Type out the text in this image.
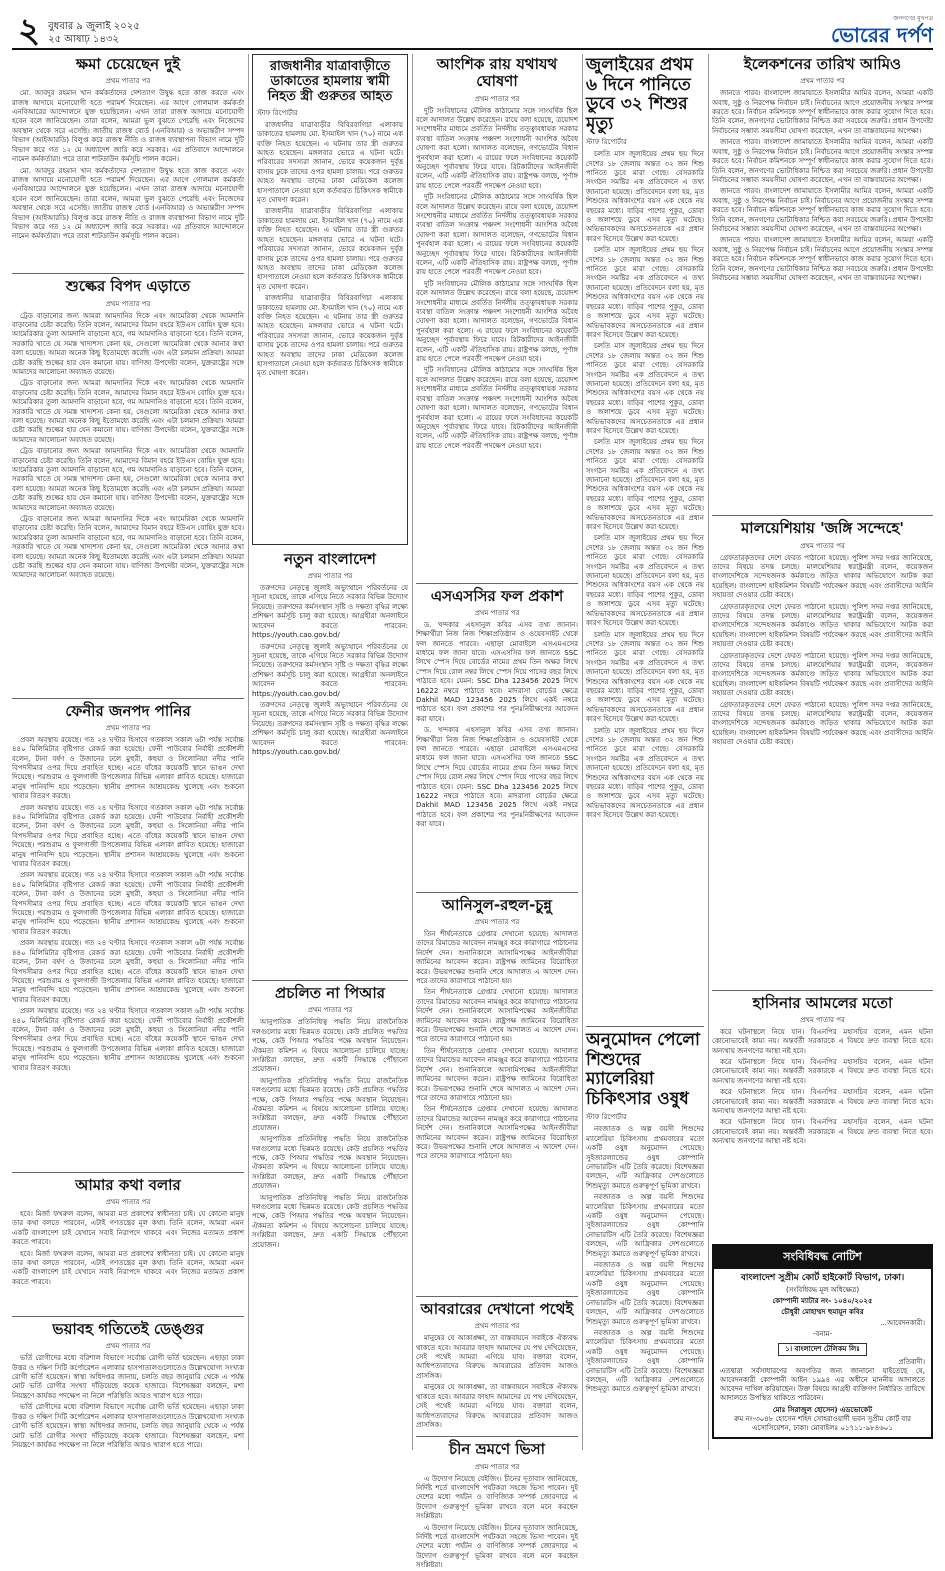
২ বুধবার ৯ জুলাই ২০২৫
২৫ আষাঢ় ১৪৩২
জনগণের মুখপত্র
ভোরের দর্পণ
ক্ষমা চেয়েছেন দুই
প্রথম পাতার পর

মো. আবদুর রহমান খান কর্মকর্তাদের দেশত্যাগ উদ্বুদ্ধ হতে কাজ করতে এবং রাজস্ব আদায়ে মনোযোগী হতে পরামর্শ দিয়েছেন। এর আগে গোলমাল কর্মকর্তা এনবিআরের আন্দোলনে যুক্ত হয়েছিলেন। এখন তারা রাজস্ব আদায়ে মনোযোগী হবেন বলে জানিয়েছেন। তারা বলেন, আমরা ভুল বুঝতে পেরেছি এবং নিজেদের অবস্থান থেকে সরে এসেছি। জাতীয় রাজস্ব বোর্ড (এনবিআর) ও অভ্যন্তরীণ সম্পদ বিভাগ (আইআরডি) বিলুপ্ত করে রাজস্ব নীতি ও রাজস্ব ব্যবস্থাপনা বিভাগ নামে দুটি বিভাগ করে গত ১২ মে অধ্যাদেশ জারি করে সরকার। এর প্রতিবাদে আন্দোলনে নামেন কর্মকর্তারা। পরে তারা শাটডাউন কর্মসূচি পালন করেন।

মো. আবদুর রহমান খান কর্মকর্তাদের দেশত্যাগ উদ্বুদ্ধ হতে কাজ করতে এবং রাজস্ব আদায়ে মনোযোগী হতে পরামর্শ দিয়েছেন। এর আগে গোলমাল কর্মকর্তা এনবিআরের আন্দোলনে যুক্ত হয়েছিলেন। এখন তারা রাজস্ব আদায়ে মনোযোগী হবেন বলে জানিয়েছেন। তারা বলেন, আমরা ভুল বুঝতে পেরেছি এবং নিজেদের অবস্থান থেকে সরে এসেছি। জাতীয় রাজস্ব বোর্ড (এনবিআর) ও অভ্যন্তরীণ সম্পদ বিভাগ (আইআরডি) বিলুপ্ত করে রাজস্ব নীতি ও রাজস্ব ব্যবস্থাপনা বিভাগ নামে দুটি বিভাগ করে গত ১২ মে অধ্যাদেশ জারি করে সরকার। এর প্রতিবাদে আন্দোলনে নামেন কর্মকর্তারা। পরে তারা শাটডাউন কর্মসূচি পালন করেন।

শুল্কের বিপদ এড়াতে
প্রথম পাতার পর

ট্রেড বাড়ানোর জন্য আমরা আমদানির দিকে এবং আমেরিকা থেকে আমদানি বাড়ানোর চেষ্টা করেছি। তিনি বলেন, আমাদের বিমান বহরে ইউএস বোয়িং যুক্ত হবে। আমেরিকার তুলা আমদানি বাড়ানো হবে, গম আমদানিও বাড়ানো হবে। তিনি বলেন, সরকারি খাতে যে সমস্ত খাদ্যশস্য কেনা হয়, সেগুলো আমেরিকা থেকে আনার কথা বলা হয়েছে। আমরা অনেক কিছু ইতোমধ্যে করেছি এবং এটা চলমান প্রক্রিয়া। আমরা চেষ্টা করছি শুল্কের হার যেন কমানো যায়। বাণিজ্য উপদেষ্টা বলেন, যুক্তরাষ্ট্রের সঙ্গে আমাদের আলোচনা অব্যাহত রয়েছে।

ট্রেড বাড়ানোর জন্য আমরা আমদানির দিকে এবং আমেরিকা থেকে আমদানি বাড়ানোর চেষ্টা করেছি। তিনি বলেন, আমাদের বিমান বহরে ইউএস বোয়িং যুক্ত হবে। আমেরিকার তুলা আমদানি বাড়ানো হবে, গম আমদানিও বাড়ানো হবে। তিনি বলেন, সরকারি খাতে যে সমস্ত খাদ্যশস্য কেনা হয়, সেগুলো আমেরিকা থেকে আনার কথা বলা হয়েছে। আমরা অনেক কিছু ইতোমধ্যে করেছি এবং এটা চলমান প্রক্রিয়া। আমরা চেষ্টা করছি শুল্কের হার যেন কমানো যায়। বাণিজ্য উপদেষ্টা বলেন, যুক্তরাষ্ট্রের সঙ্গে আমাদের আলোচনা অব্যাহত রয়েছে।

ট্রেড বাড়ানোর জন্য আমরা আমদানির দিকে এবং আমেরিকা থেকে আমদানি বাড়ানোর চেষ্টা করেছি। তিনি বলেন, আমাদের বিমান বহরে ইউএস বোয়িং যুক্ত হবে। আমেরিকার তুলা আমদানি বাড়ানো হবে, গম আমদানিও বাড়ানো হবে। তিনি বলেন, সরকারি খাতে যে সমস্ত খাদ্যশস্য কেনা হয়, সেগুলো আমেরিকা থেকে আনার কথা বলা হয়েছে। আমরা অনেক কিছু ইতোমধ্যে করেছি এবং এটা চলমান প্রক্রিয়া। আমরা চেষ্টা করছি শুল্কের হার যেন কমানো যায়। বাণিজ্য উপদেষ্টা বলেন, যুক্তরাষ্ট্রের সঙ্গে আমাদের আলোচনা অব্যাহত রয়েছে।

ট্রেড বাড়ানোর জন্য আমরা আমদানির দিকে এবং আমেরিকা থেকে আমদানি বাড়ানোর চেষ্টা করেছি। তিনি বলেন, আমাদের বিমান বহরে ইউএস বোয়িং যুক্ত হবে। আমেরিকার তুলা আমদানি বাড়ানো হবে, গম আমদানিও বাড়ানো হবে। তিনি বলেন, সরকারি খাতে যে সমস্ত খাদ্যশস্য কেনা হয়, সেগুলো আমেরিকা থেকে আনার কথা বলা হয়েছে। আমরা অনেক কিছু ইতোমধ্যে করেছি এবং এটা চলমান প্রক্রিয়া। আমরা চেষ্টা করছি শুল্কের হার যেন কমানো যায়। বাণিজ্য উপদেষ্টা বলেন, যুক্তরাষ্ট্রের সঙ্গে আমাদের আলোচনা অব্যাহত রয়েছে।

ফেনীর জনপদ পানির
প্রথম পাতার পর

প্রবল অবস্থায় রয়েছে। গত ২৪ ঘণ্টার হিসাবে গতকাল সকাল ৬টা পর্যন্ত সর্বোচ্চ ৪৪০ মিলিমিটার বৃষ্টিপাত রেকর্ড করা হয়েছে। ফেনী পাউবোর নির্বাহী প্রকৌশলী বলেন, টানা বর্ষণ ও উজানের ঢলে মুহুরী, কহুয়া ও সিলোনিয়া নদীর পানি বিপদসীমার ওপর দিয়ে প্রবাহিত হচ্ছে। এতে বাঁধের কয়েকটি স্থানে ভাঙন দেখা দিয়েছে। পরশুরাম ও ফুলগাজী উপজেলার বিভিন্ন এলাকা প্লাবিত হয়েছে। হাজারো মানুষ পানিবন্দি হয়ে পড়েছেন। স্থানীয় প্রশাসন আশ্রয়কেন্দ্র খুলেছে এবং শুকনো খাবার বিতরণ করছে।

প্রবল অবস্থায় রয়েছে। গত ২৪ ঘণ্টার হিসাবে গতকাল সকাল ৬টা পর্যন্ত সর্বোচ্চ ৪৪০ মিলিমিটার বৃষ্টিপাত রেকর্ড করা হয়েছে। ফেনী পাউবোর নির্বাহী প্রকৌশলী বলেন, টানা বর্ষণ ও উজানের ঢলে মুহুরী, কহুয়া ও সিলোনিয়া নদীর পানি বিপদসীমার ওপর দিয়ে প্রবাহিত হচ্ছে। এতে বাঁধের কয়েকটি স্থানে ভাঙন দেখা দিয়েছে। পরশুরাম ও ফুলগাজী উপজেলার বিভিন্ন এলাকা প্লাবিত হয়েছে। হাজারো মানুষ পানিবন্দি হয়ে পড়েছেন। স্থানীয় প্রশাসন আশ্রয়কেন্দ্র খুলেছে এবং শুকনো খাবার বিতরণ করছে।

প্রবল অবস্থায় রয়েছে। গত ২৪ ঘণ্টার হিসাবে গতকাল সকাল ৬টা পর্যন্ত সর্বোচ্চ ৪৪০ মিলিমিটার বৃষ্টিপাত রেকর্ড করা হয়েছে। ফেনী পাউবোর নির্বাহী প্রকৌশলী বলেন, টানা বর্ষণ ও উজানের ঢলে মুহুরী, কহুয়া ও সিলোনিয়া নদীর পানি বিপদসীমার ওপর দিয়ে প্রবাহিত হচ্ছে। এতে বাঁধের কয়েকটি স্থানে ভাঙন দেখা দিয়েছে। পরশুরাম ও ফুলগাজী উপজেলার বিভিন্ন এলাকা প্লাবিত হয়েছে। হাজারো মানুষ পানিবন্দি হয়ে পড়েছেন। স্থানীয় প্রশাসন আশ্রয়কেন্দ্র খুলেছে এবং শুকনো খাবার বিতরণ করছে।

প্রবল অবস্থায় রয়েছে। গত ২৪ ঘণ্টার হিসাবে গতকাল সকাল ৬টা পর্যন্ত সর্বোচ্চ ৪৪০ মিলিমিটার বৃষ্টিপাত রেকর্ড করা হয়েছে। ফেনী পাউবোর নির্বাহী প্রকৌশলী বলেন, টানা বর্ষণ ও উজানের ঢলে মুহুরী, কহুয়া ও সিলোনিয়া নদীর পানি বিপদসীমার ওপর দিয়ে প্রবাহিত হচ্ছে। এতে বাঁধের কয়েকটি স্থানে ভাঙন দেখা দিয়েছে। পরশুরাম ও ফুলগাজী উপজেলার বিভিন্ন এলাকা প্লাবিত হয়েছে। হাজারো মানুষ পানিবন্দি হয়ে পড়েছেন। স্থানীয় প্রশাসন আশ্রয়কেন্দ্র খুলেছে এবং শুকনো খাবার বিতরণ করছে।

প্রবল অবস্থায় রয়েছে। গত ২৪ ঘণ্টার হিসাবে গতকাল সকাল ৬টা পর্যন্ত সর্বোচ্চ ৪৪০ মিলিমিটার বৃষ্টিপাত রেকর্ড করা হয়েছে। ফেনী পাউবোর নির্বাহী প্রকৌশলী বলেন, টানা বর্ষণ ও উজানের ঢলে মুহুরী, কহুয়া ও সিলোনিয়া নদীর পানি বিপদসীমার ওপর দিয়ে প্রবাহিত হচ্ছে। এতে বাঁধের কয়েকটি স্থানে ভাঙন দেখা দিয়েছে। পরশুরাম ও ফুলগাজী উপজেলার বিভিন্ন এলাকা প্লাবিত হয়েছে। হাজারো মানুষ পানিবন্দি হয়ে পড়েছেন। স্থানীয় প্রশাসন আশ্রয়কেন্দ্র খুলেছে এবং শুকনো খাবার বিতরণ করছে।

আমার কথা বলার
প্রথম পাতার পর

হবে। মির্জা ফখরুল বলেন, আমরা মত প্রকাশের স্বাধীনতা চাই। যে কোনো মানুষ তার কথা বলতে পারবেন, এটাই গণতন্ত্রের মূল কথা। তিনি বলেন, আমরা এমন একটি বাংলাদেশ চাই যেখানে সবাই নিরাপদে থাকবে এবং নিজের মতামত প্রকাশ করতে পারবে।

হবে। মির্জা ফখরুল বলেন, আমরা মত প্রকাশের স্বাধীনতা চাই। যে কোনো মানুষ তার কথা বলতে পারবেন, এটাই গণতন্ত্রের মূল কথা। তিনি বলেন, আমরা এমন একটি বাংলাদেশ চাই যেখানে সবাই নিরাপদে থাকবে এবং নিজের মতামত প্রকাশ করতে পারবে।

ভয়াবহ গতিতেই ডেঙ্গুর
প্রথম পাতার পর

ভর্তি রোগীদের মধ্যে বরিশাল বিভাগে সর্বোচ্চ রোগী ভর্তি হয়েছেন। এছাড়া ঢাকা উত্তর ও দক্ষিণ সিটি কর্পোরেশন এলাকার হাসপাতালগুলোতেও উল্লেখযোগ্য সংখ্যক রোগী ভর্তি হয়েছেন। স্বাস্থ্য অধিদপ্তর জানায়, চলতি বছর জানুয়ারি থেকে এ পর্যন্ত মোট ভর্তি রোগীর সংখ্যা দাঁড়িয়েছে কয়েক হাজারে। বিশেষজ্ঞরা বলছেন, মশা নিয়ন্ত্রণে কার্যকর পদক্ষেপ না নিলে পরিস্থিতি আরও খারাপ হতে পারে।

ভর্তি রোগীদের মধ্যে বরিশাল বিভাগে সর্বোচ্চ রোগী ভর্তি হয়েছেন। এছাড়া ঢাকা উত্তর ও দক্ষিণ সিটি কর্পোরেশন এলাকার হাসপাতালগুলোতেও উল্লেখযোগ্য সংখ্যক রোগী ভর্তি হয়েছেন। স্বাস্থ্য অধিদপ্তর জানায়, চলতি বছর জানুয়ারি থেকে এ পর্যন্ত মোট ভর্তি রোগীর সংখ্যা দাঁড়িয়েছে কয়েক হাজারে। বিশেষজ্ঞরা বলছেন, মশা নিয়ন্ত্রণে কার্যকর পদক্ষেপ না নিলে পরিস্থিতি আরও খারাপ হতে পারে।

রাজধানীর যাত্রাবাড়ীতে ডাকাতের হামলায় স্বামী নিহত স্ত্রী গুরুতর আহত
স্টাফ রিপোর্টার

রাজধানীর যাত্রাবাড়ীর বিবিরবাগিচা এলাকায় ডাকাতের হামলায় মো. ইসমাইল খান (৭০) নামে এক ব্যক্তি নিহত হয়েছেন। এ ঘটনায় তার স্ত্রী গুরুতর আহত হয়েছেন। মঙ্গলবার ভোরে এ ঘটনা ঘটে। পরিবারের সদস্যরা জানান, ভোরে কয়েকজন দুর্বৃত্ত বাসায় ঢুকে তাদের ওপর হামলা চালায়। পরে গুরুতর আহত অবস্থায় তাদের ঢাকা মেডিকেল কলেজ হাসপাতালে নেওয়া হলে কর্তব্যরত চিকিৎসক স্বামীকে মৃত ঘোষণা করেন।

রাজধানীর যাত্রাবাড়ীর বিবিরবাগিচা এলাকায় ডাকাতের হামলায় মো. ইসমাইল খান (৭০) নামে এক ব্যক্তি নিহত হয়েছেন। এ ঘটনায় তার স্ত্রী গুরুতর আহত হয়েছেন। মঙ্গলবার ভোরে এ ঘটনা ঘটে। পরিবারের সদস্যরা জানান, ভোরে কয়েকজন দুর্বৃত্ত বাসায় ঢুকে তাদের ওপর হামলা চালায়। পরে গুরুতর আহত অবস্থায় তাদের ঢাকা মেডিকেল কলেজ হাসপাতালে নেওয়া হলে কর্তব্যরত চিকিৎসক স্বামীকে মৃত ঘোষণা করেন।

রাজধানীর যাত্রাবাড়ীর বিবিরবাগিচা এলাকায় ডাকাতের হামলায় মো. ইসমাইল খান (৭০) নামে এক ব্যক্তি নিহত হয়েছেন। এ ঘটনায় তার স্ত্রী গুরুতর আহত হয়েছেন। মঙ্গলবার ভোরে এ ঘটনা ঘটে। পরিবারের সদস্যরা জানান, ভোরে কয়েকজন দুর্বৃত্ত বাসায় ঢুকে তাদের ওপর হামলা চালায়। পরে গুরুতর আহত অবস্থায় তাদের ঢাকা মেডিকেল কলেজ হাসপাতালে নেওয়া হলে কর্তব্যরত চিকিৎসক স্বামীকে মৃত ঘোষণা করেন।

নতুন বাংলাদেশ
প্রথম পাতার পর

তরুণদের নেতৃত্বে জুলাই অভ্যুত্থানে পরিবর্তনের যে সূচনা হয়েছে, তাকে এগিয়ে নিতে সরকার বিভিন্ন উদ্যোগ নিয়েছে। তরুণদের কর্মসংস্থান সৃষ্টি ও দক্ষতা বৃদ্ধির লক্ষ্যে প্রশিক্ষণ কর্মসূচি চালু করা হয়েছে। আগ্রহীরা অনলাইনে আবেদন করতে পারবেন: https://youth.cao.gov.bd/

তরুণদের নেতৃত্বে জুলাই অভ্যুত্থানে পরিবর্তনের যে সূচনা হয়েছে, তাকে এগিয়ে নিতে সরকার বিভিন্ন উদ্যোগ নিয়েছে। তরুণদের কর্মসংস্থান সৃষ্টি ও দক্ষতা বৃদ্ধির লক্ষ্যে প্রশিক্ষণ কর্মসূচি চালু করা হয়েছে। আগ্রহীরা অনলাইনে আবেদন করতে পারবেন: https://youth.cao.gov.bd/

তরুণদের নেতৃত্বে জুলাই অভ্যুত্থানে পরিবর্তনের যে সূচনা হয়েছে, তাকে এগিয়ে নিতে সরকার বিভিন্ন উদ্যোগ নিয়েছে। তরুণদের কর্মসংস্থান সৃষ্টি ও দক্ষতা বৃদ্ধির লক্ষ্যে প্রশিক্ষণ কর্মসূচি চালু করা হয়েছে। আগ্রহীরা অনলাইনে আবেদন করতে পারবেন: https://youth.cao.gov.bd/

প্রচলিত না পিআর
প্রথম পাতার পর

আনুপাতিক প্রতিনিধিত্ব পদ্ধতি নিয়ে রাজনৈতিক দলগুলোর মধ্যে ভিন্নমত রয়েছে। কেউ প্রচলিত পদ্ধতির পক্ষে, কেউ পিআর পদ্ধতির পক্ষে অবস্থান নিয়েছেন। ঐকমত্য কমিশন এ বিষয়ে আলোচনা চালিয়ে যাচ্ছে। সংশ্লিষ্টরা বলছেন, দ্রুত একটি সিদ্ধান্তে পৌঁছানো প্রয়োজন।

আনুপাতিক প্রতিনিধিত্ব পদ্ধতি নিয়ে রাজনৈতিক দলগুলোর মধ্যে ভিন্নমত রয়েছে। কেউ প্রচলিত পদ্ধতির পক্ষে, কেউ পিআর পদ্ধতির পক্ষে অবস্থান নিয়েছেন। ঐকমত্য কমিশন এ বিষয়ে আলোচনা চালিয়ে যাচ্ছে। সংশ্লিষ্টরা বলছেন, দ্রুত একটি সিদ্ধান্তে পৌঁছানো প্রয়োজন।

আনুপাতিক প্রতিনিধিত্ব পদ্ধতি নিয়ে রাজনৈতিক দলগুলোর মধ্যে ভিন্নমত রয়েছে। কেউ প্রচলিত পদ্ধতির পক্ষে, কেউ পিআর পদ্ধতির পক্ষে অবস্থান নিয়েছেন। ঐকমত্য কমিশন এ বিষয়ে আলোচনা চালিয়ে যাচ্ছে। সংশ্লিষ্টরা বলছেন, দ্রুত একটি সিদ্ধান্তে পৌঁছানো প্রয়োজন।

আনুপাতিক প্রতিনিধিত্ব পদ্ধতি নিয়ে রাজনৈতিক দলগুলোর মধ্যে ভিন্নমত রয়েছে। কেউ প্রচলিত পদ্ধতির পক্ষে, কেউ পিআর পদ্ধতির পক্ষে অবস্থান নিয়েছেন। ঐকমত্য কমিশন এ বিষয়ে আলোচনা চালিয়ে যাচ্ছে। সংশ্লিষ্টরা বলছেন, দ্রুত একটি সিদ্ধান্তে পৌঁছানো প্রয়োজন।

আংশিক রায় যথাযথ ঘোষণা
প্রথম পাতার পর

দুটি সংবিধানের মৌলিক কাঠামোর সঙ্গে সাংঘর্ষিক ছিল বলে আদালত উল্লেখ করেছেন। রায়ে বলা হয়েছে, ত্রয়োদশ সংশোধনীর মাধ্যমে প্রবর্তিত নির্দলীয় তত্ত্বাবধায়ক সরকার ব্যবস্থা বাতিল সংক্রান্ত পঞ্চদশ সংশোধনী আংশিক অবৈধ ঘোষণা করা হলো। আদালত বলেছেন, গণভোটের বিধান পুনর্বহাল করা হলো। এ রায়ের ফলে সংবিধানের কয়েকটি অনুচ্ছেদ পূর্বাবস্থায় ফিরে যাবে। রিটকারীদের আইনজীবী বলেন, এটি একটি ঐতিহাসিক রায়। রাষ্ট্রপক্ষ বলছে, পূর্ণাঙ্গ রায় হাতে পেলে পরবর্তী পদক্ষেপ নেওয়া হবে।

দুটি সংবিধানের মৌলিক কাঠামোর সঙ্গে সাংঘর্ষিক ছিল বলে আদালত উল্লেখ করেছেন। রায়ে বলা হয়েছে, ত্রয়োদশ সংশোধনীর মাধ্যমে প্রবর্তিত নির্দলীয় তত্ত্বাবধায়ক সরকার ব্যবস্থা বাতিল সংক্রান্ত পঞ্চদশ সংশোধনী আংশিক অবৈধ ঘোষণা করা হলো। আদালত বলেছেন, গণভোটের বিধান পুনর্বহাল করা হলো। এ রায়ের ফলে সংবিধানের কয়েকটি অনুচ্ছেদ পূর্বাবস্থায় ফিরে যাবে। রিটকারীদের আইনজীবী বলেন, এটি একটি ঐতিহাসিক রায়। রাষ্ট্রপক্ষ বলছে, পূর্ণাঙ্গ রায় হাতে পেলে পরবর্তী পদক্ষেপ নেওয়া হবে।

দুটি সংবিধানের মৌলিক কাঠামোর সঙ্গে সাংঘর্ষিক ছিল বলে আদালত উল্লেখ করেছেন। রায়ে বলা হয়েছে, ত্রয়োদশ সংশোধনীর মাধ্যমে প্রবর্তিত নির্দলীয় তত্ত্বাবধায়ক সরকার ব্যবস্থা বাতিল সংক্রান্ত পঞ্চদশ সংশোধনী আংশিক অবৈধ ঘোষণা করা হলো। আদালত বলেছেন, গণভোটের বিধান পুনর্বহাল করা হলো। এ রায়ের ফলে সংবিধানের কয়েকটি অনুচ্ছেদ পূর্বাবস্থায় ফিরে যাবে। রিটকারীদের আইনজীবী বলেন, এটি একটি ঐতিহাসিক রায়। রাষ্ট্রপক্ষ বলছে, পূর্ণাঙ্গ রায় হাতে পেলে পরবর্তী পদক্ষেপ নেওয়া হবে।

দুটি সংবিধানের মৌলিক কাঠামোর সঙ্গে সাংঘর্ষিক ছিল বলে আদালত উল্লেখ করেছেন। রায়ে বলা হয়েছে, ত্রয়োদশ সংশোধনীর মাধ্যমে প্রবর্তিত নির্দলীয় তত্ত্বাবধায়ক সরকার ব্যবস্থা বাতিল সংক্রান্ত পঞ্চদশ সংশোধনী আংশিক অবৈধ ঘোষণা করা হলো। আদালত বলেছেন, গণভোটের বিধান পুনর্বহাল করা হলো। এ রায়ের ফলে সংবিধানের কয়েকটি অনুচ্ছেদ পূর্বাবস্থায় ফিরে যাবে। রিটকারীদের আইনজীবী বলেন, এটি একটি ঐতিহাসিক রায়। রাষ্ট্রপক্ষ বলছে, পূর্ণাঙ্গ রায় হাতে পেলে পরবর্তী পদক্ষেপ নেওয়া হবে।

এসএসসির ফল প্রকাশ
প্রথম পাতার পর

ড. খন্দকার এহসানুল কবির এসব তথ্য জানান। শিক্ষার্থীরা নিজ নিজ শিক্ষাপ্রতিষ্ঠান ও ওয়েবসাইট থেকে ফল জানতে পারবে। এছাড়া মোবাইলে এসএমএসের মাধ্যমে ফল জানা যাবে। এসএসসির ফল জানতে SSC লিখে স্পেস দিয়ে বোর্ডের নামের প্রথম তিন অক্ষর লিখে স্পেস দিয়ে রোল নম্বর লিখে স্পেস দিয়ে পাসের বছর লিখে পাঠাতে হবে। যেমন: SSC Dha 123456 2025 লিখে 16222 নম্বরে পাঠাতে হবে। মাদরাসা বোর্ডের ক্ষেত্রে Dakhil MAD 123456 2025 লিখে একই নম্বরে পাঠাতে হবে। ফল প্রকাশের পর পুনঃনিরীক্ষণের আবেদন করা যাবে।

ড. খন্দকার এহসানুল কবির এসব তথ্য জানান। শিক্ষার্থীরা নিজ নিজ শিক্ষাপ্রতিষ্ঠান ও ওয়েবসাইট থেকে ফল জানতে পারবে। এছাড়া মোবাইলে এসএমএসের মাধ্যমে ফল জানা যাবে। এসএসসির ফল জানতে SSC লিখে স্পেস দিয়ে বোর্ডের নামের প্রথম তিন অক্ষর লিখে স্পেস দিয়ে রোল নম্বর লিখে স্পেস দিয়ে পাসের বছর লিখে পাঠাতে হবে। যেমন: SSC Dha 123456 2025 লিখে 16222 নম্বরে পাঠাতে হবে। মাদরাসা বোর্ডের ক্ষেত্রে Dakhil MAD 123456 2025 লিখে একই নম্বরে পাঠাতে হবে। ফল প্রকাশের পর পুনঃনিরীক্ষণের আবেদন করা যাবে।

আনিসুল-রহুল-চুন্নু
প্রথম পাতার পর

তিন শীর্ষনেতাকে গ্রেপ্তার দেখানো হয়েছে। আদালত তাদের রিমান্ডের আবেদন নামঞ্জুর করে কারাগারে পাঠানোর নির্দেশ দেন। শুনানিকালে আসামিপক্ষের আইনজীবীরা জামিনের আবেদন করেন। রাষ্ট্রপক্ষ জামিনের বিরোধিতা করে। উভয়পক্ষের শুনানি শেষে আদালত এ আদেশ দেন। পরে তাদের কারাগারে পাঠানো হয়।

তিন শীর্ষনেতাকে গ্রেপ্তার দেখানো হয়েছে। আদালত তাদের রিমান্ডের আবেদন নামঞ্জুর করে কারাগারে পাঠানোর নির্দেশ দেন। শুনানিকালে আসামিপক্ষের আইনজীবীরা জামিনের আবেদন করেন। রাষ্ট্রপক্ষ জামিনের বিরোধিতা করে। উভয়পক্ষের শুনানি শেষে আদালত এ আদেশ দেন। পরে তাদের কারাগারে পাঠানো হয়।

তিন শীর্ষনেতাকে গ্রেপ্তার দেখানো হয়েছে। আদালত তাদের রিমান্ডের আবেদন নামঞ্জুর করে কারাগারে পাঠানোর নির্দেশ দেন। শুনানিকালে আসামিপক্ষের আইনজীবীরা জামিনের আবেদন করেন। রাষ্ট্রপক্ষ জামিনের বিরোধিতা করে। উভয়পক্ষের শুনানি শেষে আদালত এ আদেশ দেন। পরে তাদের কারাগারে পাঠানো হয়।

তিন শীর্ষনেতাকে গ্রেপ্তার দেখানো হয়েছে। আদালত তাদের রিমান্ডের আবেদন নামঞ্জুর করে কারাগারে পাঠানোর নির্দেশ দেন। শুনানিকালে আসামিপক্ষের আইনজীবীরা জামিনের আবেদন করেন। রাষ্ট্রপক্ষ জামিনের বিরোধিতা করে। উভয়পক্ষের শুনানি শেষে আদালত এ আদেশ দেন। পরে তাদের কারাগারে পাঠানো হয়।

আবরারের দেখানো পথেই
প্রথম পাতার পর

মানুষের যে আকাঙ্ক্ষা, তা বাস্তবায়নে সবাইকে ঐক্যবদ্ধ থাকতে হবে। আবরার ফাহাদ আমাদের যে পথ দেখিয়েছেন, সেই পথেই আমরা এগিয়ে যাব। বক্তারা বলেন, আধিপত্যবাদের বিরুদ্ধে আবরারের প্রতিবাদ আজও প্রাসঙ্গিক।

মানুষের যে আকাঙ্ক্ষা, তা বাস্তবায়নে সবাইকে ঐক্যবদ্ধ থাকতে হবে। আবরার ফাহাদ আমাদের যে পথ দেখিয়েছেন, সেই পথেই আমরা এগিয়ে যাব। বক্তারা বলেন, আধিপত্যবাদের বিরুদ্ধে আবরারের প্রতিবাদ আজও প্রাসঙ্গিক।

চীন ভ্রমণে ভিসা
প্রথম পাতার পর

এ উদ্যোগ নিয়েছে বেইজিং। চীনের দূতাবাস জানিয়েছে, নির্দিষ্ট শর্তে বাংলাদেশি পর্যটকরা সহজে ভিসা পাবেন। দুই দেশের মধ্যে পর্যটন ও বাণিজ্যিক সম্পর্ক জোরদারে এ উদ্যোগ গুরুত্বপূর্ণ ভূমিকা রাখবে বলে মনে করছেন সংশ্লিষ্টরা।

এ উদ্যোগ নিয়েছে বেইজিং। চীনের দূতাবাস জানিয়েছে, নির্দিষ্ট শর্তে বাংলাদেশি পর্যটকরা সহজে ভিসা পাবেন। দুই দেশের মধ্যে পর্যটন ও বাণিজ্যিক সম্পর্ক জোরদারে এ উদ্যোগ গুরুত্বপূর্ণ ভূমিকা রাখবে বলে মনে করছেন সংশ্লিষ্টরা।

জুলাইয়ের প্রথম ৬ দিনে পানিতে ডুবে ৩২ শিশুর মৃত্যু
স্টাফ রিপোর্টার

চলতি মাস জুলাইয়ের প্রথম ছয় দিনে দেশের ১৮ জেলায় অন্তত ৩২ জন শিশু পানিতে ডুবে মারা গেছে। বেসরকারি সংগঠন সমষ্টির এক প্রতিবেদনে এ তথ্য জানানো হয়েছে। প্রতিবেদনে বলা হয়, মৃত শিশুদের অধিকাংশের বয়স এক থেকে নয় বছরের মধ্যে। বাড়ির পাশের পুকুর, ডোবা ও জলাশয়ে ডুবে এসব মৃত্যু ঘটেছে। অভিভাবকদের অসচেতনতাকে এর প্রধান কারণ হিসেবে উল্লেখ করা হয়েছে।

চলতি মাস জুলাইয়ের প্রথম ছয় দিনে দেশের ১৮ জেলায় অন্তত ৩২ জন শিশু পানিতে ডুবে মারা গেছে। বেসরকারি সংগঠন সমষ্টির এক প্রতিবেদনে এ তথ্য জানানো হয়েছে। প্রতিবেদনে বলা হয়, মৃত শিশুদের অধিকাংশের বয়স এক থেকে নয় বছরের মধ্যে। বাড়ির পাশের পুকুর, ডোবা ও জলাশয়ে ডুবে এসব মৃত্যু ঘটেছে। অভিভাবকদের অসচেতনতাকে এর প্রধান কারণ হিসেবে উল্লেখ করা হয়েছে।

চলতি মাস জুলাইয়ের প্রথম ছয় দিনে দেশের ১৮ জেলায় অন্তত ৩২ জন শিশু পানিতে ডুবে মারা গেছে। বেসরকারি সংগঠন সমষ্টির এক প্রতিবেদনে এ তথ্য জানানো হয়েছে। প্রতিবেদনে বলা হয়, মৃত শিশুদের অধিকাংশের বয়স এক থেকে নয় বছরের মধ্যে। বাড়ির পাশের পুকুর, ডোবা ও জলাশয়ে ডুবে এসব মৃত্যু ঘটেছে। অভিভাবকদের অসচেতনতাকে এর প্রধান কারণ হিসেবে উল্লেখ করা হয়েছে।

চলতি মাস জুলাইয়ের প্রথম ছয় দিনে দেশের ১৮ জেলায় অন্তত ৩২ জন শিশু পানিতে ডুবে মারা গেছে। বেসরকারি সংগঠন সমষ্টির এক প্রতিবেদনে এ তথ্য জানানো হয়েছে। প্রতিবেদনে বলা হয়, মৃত শিশুদের অধিকাংশের বয়স এক থেকে নয় বছরের মধ্যে। বাড়ির পাশের পুকুর, ডোবা ও জলাশয়ে ডুবে এসব মৃত্যু ঘটেছে। অভিভাবকদের অসচেতনতাকে এর প্রধান কারণ হিসেবে উল্লেখ করা হয়েছে।

চলতি মাস জুলাইয়ের প্রথম ছয় দিনে দেশের ১৮ জেলায় অন্তত ৩২ জন শিশু পানিতে ডুবে মারা গেছে। বেসরকারি সংগঠন সমষ্টির এক প্রতিবেদনে এ তথ্য জানানো হয়েছে। প্রতিবেদনে বলা হয়, মৃত শিশুদের অধিকাংশের বয়স এক থেকে নয় বছরের মধ্যে। বাড়ির পাশের পুকুর, ডোবা ও জলাশয়ে ডুবে এসব মৃত্যু ঘটেছে। অভিভাবকদের অসচেতনতাকে এর প্রধান কারণ হিসেবে উল্লেখ করা হয়েছে।

চলতি মাস জুলাইয়ের প্রথম ছয় দিনে দেশের ১৮ জেলায় অন্তত ৩২ জন শিশু পানিতে ডুবে মারা গেছে। বেসরকারি সংগঠন সমষ্টির এক প্রতিবেদনে এ তথ্য জানানো হয়েছে। প্রতিবেদনে বলা হয়, মৃত শিশুদের অধিকাংশের বয়স এক থেকে নয় বছরের মধ্যে। বাড়ির পাশের পুকুর, ডোবা ও জলাশয়ে ডুবে এসব মৃত্যু ঘটেছে। অভিভাবকদের অসচেতনতাকে এর প্রধান কারণ হিসেবে উল্লেখ করা হয়েছে।

চলতি মাস জুলাইয়ের প্রথম ছয় দিনে দেশের ১৮ জেলায় অন্তত ৩২ জন শিশু পানিতে ডুবে মারা গেছে। বেসরকারি সংগঠন সমষ্টির এক প্রতিবেদনে এ তথ্য জানানো হয়েছে। প্রতিবেদনে বলা হয়, মৃত শিশুদের অধিকাংশের বয়স এক থেকে নয় বছরের মধ্যে। বাড়ির পাশের পুকুর, ডোবা ও জলাশয়ে ডুবে এসব মৃত্যু ঘটেছে। অভিভাবকদের অসচেতনতাকে এর প্রধান কারণ হিসেবে উল্লেখ করা হয়েছে।

অনুমোদন পেলো শিশুদের ম্যালেরিয়া চিকিৎসার ওষুধ
স্টাফ রিপোর্টার

নবজাতক ও অল্প বয়সী শিশুদের ম্যালেরিয়া চিকিৎসায় প্রথমবারের মতো একটি ওষুধ অনুমোদন পেয়েছে। সুইজারল্যান্ডের ওষুধ কোম্পানি নোভারটিস এটি তৈরি করেছে। বিশেষজ্ঞরা বলছেন, এটি আফ্রিকার দেশগুলোতে শিশুমৃত্যু কমাতে গুরুত্বপূর্ণ ভূমিকা রাখবে।

নবজাতক ও অল্প বয়সী শিশুদের ম্যালেরিয়া চিকিৎসায় প্রথমবারের মতো একটি ওষুধ অনুমোদন পেয়েছে। সুইজারল্যান্ডের ওষুধ কোম্পানি নোভারটিস এটি তৈরি করেছে। বিশেষজ্ঞরা বলছেন, এটি আফ্রিকার দেশগুলোতে শিশুমৃত্যু কমাতে গুরুত্বপূর্ণ ভূমিকা রাখবে।

নবজাতক ও অল্প বয়সী শিশুদের ম্যালেরিয়া চিকিৎসায় প্রথমবারের মতো একটি ওষুধ অনুমোদন পেয়েছে। সুইজারল্যান্ডের ওষুধ কোম্পানি নোভারটিস এটি তৈরি করেছে। বিশেষজ্ঞরা বলছেন, এটি আফ্রিকার দেশগুলোতে শিশুমৃত্যু কমাতে গুরুত্বপূর্ণ ভূমিকা রাখবে।

নবজাতক ও অল্প বয়সী শিশুদের ম্যালেরিয়া চিকিৎসায় প্রথমবারের মতো একটি ওষুধ অনুমোদন পেয়েছে। সুইজারল্যান্ডের ওষুধ কোম্পানি নোভারটিস এটি তৈরি করেছে। বিশেষজ্ঞরা বলছেন, এটি আফ্রিকার দেশগুলোতে শিশুমৃত্যু কমাতে গুরুত্বপূর্ণ ভূমিকা রাখবে।

ইলেকশনের তারিখ আমিও
প্রথম পাতার পর

জানতে পারব। বাংলাদেশ জামায়াতে ইসলামীর আমির বলেন, আমরা একটি অবাধ, সুষ্ঠু ও নিরপেক্ষ নির্বাচন চাই। নির্বাচনের আগে প্রয়োজনীয় সংস্কার সম্পন্ন করতে হবে। নির্বাচন কমিশনকে সম্পূর্ণ স্বাধীনভাবে কাজ করার সুযোগ দিতে হবে। তিনি বলেন, জনগণের ভোটাধিকার নিশ্চিত করা সবচেয়ে জরুরি। প্রধান উপদেষ্টা নির্বাচনের সম্ভাব্য সময়সীমা ঘোষণা করেছেন, এখন তা বাস্তবায়নের অপেক্ষা।

জানতে পারব। বাংলাদেশ জামায়াতে ইসলামীর আমির বলেন, আমরা একটি অবাধ, সুষ্ঠু ও নিরপেক্ষ নির্বাচন চাই। নির্বাচনের আগে প্রয়োজনীয় সংস্কার সম্পন্ন করতে হবে। নির্বাচন কমিশনকে সম্পূর্ণ স্বাধীনভাবে কাজ করার সুযোগ দিতে হবে। তিনি বলেন, জনগণের ভোটাধিকার নিশ্চিত করা সবচেয়ে জরুরি। প্রধান উপদেষ্টা নির্বাচনের সম্ভাব্য সময়সীমা ঘোষণা করেছেন, এখন তা বাস্তবায়নের অপেক্ষা।

জানতে পারব। বাংলাদেশ জামায়াতে ইসলামীর আমির বলেন, আমরা একটি অবাধ, সুষ্ঠু ও নিরপেক্ষ নির্বাচন চাই। নির্বাচনের আগে প্রয়োজনীয় সংস্কার সম্পন্ন করতে হবে। নির্বাচন কমিশনকে সম্পূর্ণ স্বাধীনভাবে কাজ করার সুযোগ দিতে হবে। তিনি বলেন, জনগণের ভোটাধিকার নিশ্চিত করা সবচেয়ে জরুরি। প্রধান উপদেষ্টা নির্বাচনের সম্ভাব্য সময়সীমা ঘোষণা করেছেন, এখন তা বাস্তবায়নের অপেক্ষা।

জানতে পারব। বাংলাদেশ জামায়াতে ইসলামীর আমির বলেন, আমরা একটি অবাধ, সুষ্ঠু ও নিরপেক্ষ নির্বাচন চাই। নির্বাচনের আগে প্রয়োজনীয় সংস্কার সম্পন্ন করতে হবে। নির্বাচন কমিশনকে সম্পূর্ণ স্বাধীনভাবে কাজ করার সুযোগ দিতে হবে। তিনি বলেন, জনগণের ভোটাধিকার নিশ্চিত করা সবচেয়ে জরুরি। প্রধান উপদেষ্টা নির্বাচনের সম্ভাব্য সময়সীমা ঘোষণা করেছেন, এখন তা বাস্তবায়নের অপেক্ষা।

মালয়েশিয়ায় 'জঙ্গি সন্দেহে'
প্রথম পাতার পর

গ্রেফতারকৃতদের দেশে ফেরত পাঠানো হয়েছে। পুলিশ সদর দপ্তর জানিয়েছে, তাদের বিষয়ে তদন্ত চলছে। মালয়েশিয়ার স্বরাষ্ট্রমন্ত্রী বলেন, কয়েকজন বাংলাদেশিকে সন্দেহজনক কর্মকাণ্ডে জড়িত থাকার অভিযোগে আটক করা হয়েছিল। বাংলাদেশ হাইকমিশন বিষয়টি পর্যবেক্ষণ করছে এবং প্রবাসীদের আইনি সহায়তা দেওয়ার চেষ্টা করছে।

গ্রেফতারকৃতদের দেশে ফেরত পাঠানো হয়েছে। পুলিশ সদর দপ্তর জানিয়েছে, তাদের বিষয়ে তদন্ত চলছে। মালয়েশিয়ার স্বরাষ্ট্রমন্ত্রী বলেন, কয়েকজন বাংলাদেশিকে সন্দেহজনক কর্মকাণ্ডে জড়িত থাকার অভিযোগে আটক করা হয়েছিল। বাংলাদেশ হাইকমিশন বিষয়টি পর্যবেক্ষণ করছে এবং প্রবাসীদের আইনি সহায়তা দেওয়ার চেষ্টা করছে।

গ্রেফতারকৃতদের দেশে ফেরত পাঠানো হয়েছে। পুলিশ সদর দপ্তর জানিয়েছে, তাদের বিষয়ে তদন্ত চলছে। মালয়েশিয়ার স্বরাষ্ট্রমন্ত্রী বলেন, কয়েকজন বাংলাদেশিকে সন্দেহজনক কর্মকাণ্ডে জড়িত থাকার অভিযোগে আটক করা হয়েছিল। বাংলাদেশ হাইকমিশন বিষয়টি পর্যবেক্ষণ করছে এবং প্রবাসীদের আইনি সহায়তা দেওয়ার চেষ্টা করছে।

গ্রেফতারকৃতদের দেশে ফেরত পাঠানো হয়েছে। পুলিশ সদর দপ্তর জানিয়েছে, তাদের বিষয়ে তদন্ত চলছে। মালয়েশিয়ার স্বরাষ্ট্রমন্ত্রী বলেন, কয়েকজন বাংলাদেশিকে সন্দেহজনক কর্মকাণ্ডে জড়িত থাকার অভিযোগে আটক করা হয়েছিল। বাংলাদেশ হাইকমিশন বিষয়টি পর্যবেক্ষণ করছে এবং প্রবাসীদের আইনি সহায়তা দেওয়ার চেষ্টা করছে।

হাসিনার আমলের মতো
প্রথম পাতার পর

করে ঘটনাস্থলে নিয়ে যান। বিএনপির মহাসচিব বলেন, এমন ঘটনা কোনোভাবেই কাম্য নয়। অন্তর্বর্তী সরকারকে এ বিষয়ে দ্রুত ব্যবস্থা নিতে হবে। অন্যথায় জনগণের আস্থা নষ্ট হবে।

করে ঘটনাস্থলে নিয়ে যান। বিএনপির মহাসচিব বলেন, এমন ঘটনা কোনোভাবেই কাম্য নয়। অন্তর্বর্তী সরকারকে এ বিষয়ে দ্রুত ব্যবস্থা নিতে হবে। অন্যথায় জনগণের আস্থা নষ্ট হবে।

করে ঘটনাস্থলে নিয়ে যান। বিএনপির মহাসচিব বলেন, এমন ঘটনা কোনোভাবেই কাম্য নয়। অন্তর্বর্তী সরকারকে এ বিষয়ে দ্রুত ব্যবস্থা নিতে হবে। অন্যথায় জনগণের আস্থা নষ্ট হবে।

করে ঘটনাস্থলে নিয়ে যান। বিএনপির মহাসচিব বলেন, এমন ঘটনা কোনোভাবেই কাম্য নয়। অন্তর্বর্তী সরকারকে এ বিষয়ে দ্রুত ব্যবস্থা নিতে হবে। অন্যথায় জনগণের আস্থা নষ্ট হবে।

সংবিধিবদ্ধ নোটিশ
বাংলাদেশ সুপ্রীম কোর্ট হাইকোর্ট বিভাগ, ঢাকা।
(সংবিধিবদ্ধ মূল অধিক্ষেত্র)
কোম্পানী ম্যাটার নং- ১০৪০/২০২৫
চৌধুরী মোহাম্মদ হুমায়ূন কবির
...আবেদনকারী।
-বনাম-
১। বাংলাদেশ টেলিকম লিঃ
প্রতিবাদী।
এতদ্বারা সর্বসাধারণের অবগতির জন্য জানানো যাইতেছে যে, আবেদনকারী কোম্পানী আইন ১৯৯৪ এর অধীনে মাননীয় আদালতে আবেদন দাখিল করিয়াছেন। উক্ত বিষয়ে আগ্রহী ব্যক্তিগণ নির্ধারিত তারিখে আদালতে উপস্থিত থাকিতে পারিবেন।
মোঃ সিরাজুল হোসেন) এডভোকেট
রুম নং-৩০৪৮ হোসেন শহিদ সোহরাওয়ার্দী ভবন সুপ্রীম কোর্ট বার এসোসিয়েশন, ঢাকা। মোবাইলঃ ০১৭১১-৯৮৪৬০১
